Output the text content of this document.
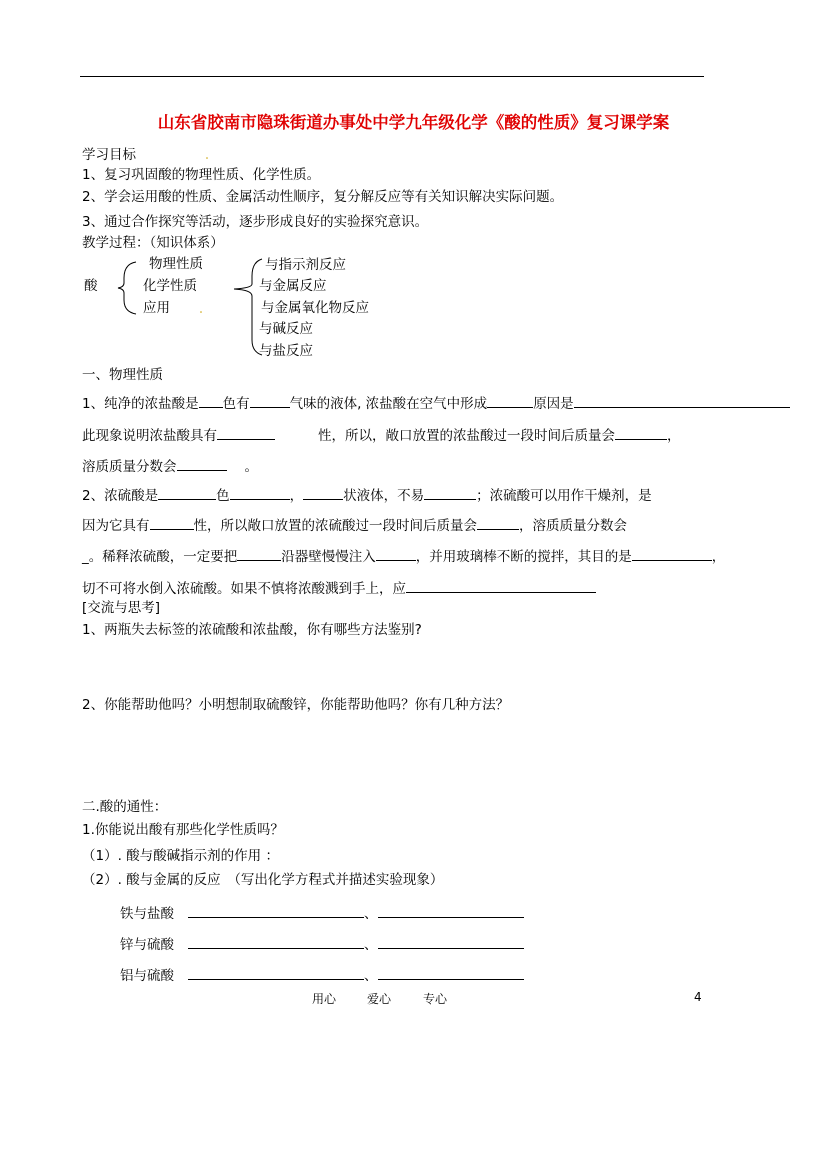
山东省胶南市隐珠街道办事处中学九年级化学《酸的性质》复习课学案
学习目标
1、复习巩固酸的物理性质、化学性质。
2、学会运用酸的性质、金属活动性顺序，复分解反应等有关知识解决实际问题。
3、通过合作探究等活动，逐步形成良好的实验探究意识。
教学过程：（知识体系）
酸
物理性质
化学性质
应用
与指示剂反应
与金属反应
与金属氧化物反应
与碱反应
与盐反应
一、物理性质
1、纯净的浓盐酸是 色有	气味的液体, 浓盐酸在空气中形成	原因是
此现象说明浓盐酸具有	性，所以，敞口放置的浓盐酸过一段时间后质量会	，
溶质质量分数会	。
2、浓硫酸是	色	，	状液体，不易	；浓硫酸可以用作干燥剂，是
因为它具有	性，所以敞口放置的浓硫酸过一段时间后质量会	，溶质质量分数会
_。稀释浓硫酸，一定要把	沿器壁慢慢注入	，并用玻璃棒不断的搅拌，其目的是	，
切不可将水倒入浓硫酸。如果不慎将浓酸溅到手上，应
[交流与思考]
1、两瓶失去标签的浓硫酸和浓盐酸，你有哪些方法鉴别?
2、你能帮助他吗？小明想制取硫酸锌，你能帮助他吗？你有几种方法？
二.酸的通性：
1.你能说出酸有那些化学性质吗？
（1）. 酸与酸碱指示剂的作用 ：
（2）. 酸与金属的反应　（写出化学方程式并描述实验现象）
铁与盐酸	、
锌与硫酸	、
铝与硫酸	、
用心	爱心	专心	4
